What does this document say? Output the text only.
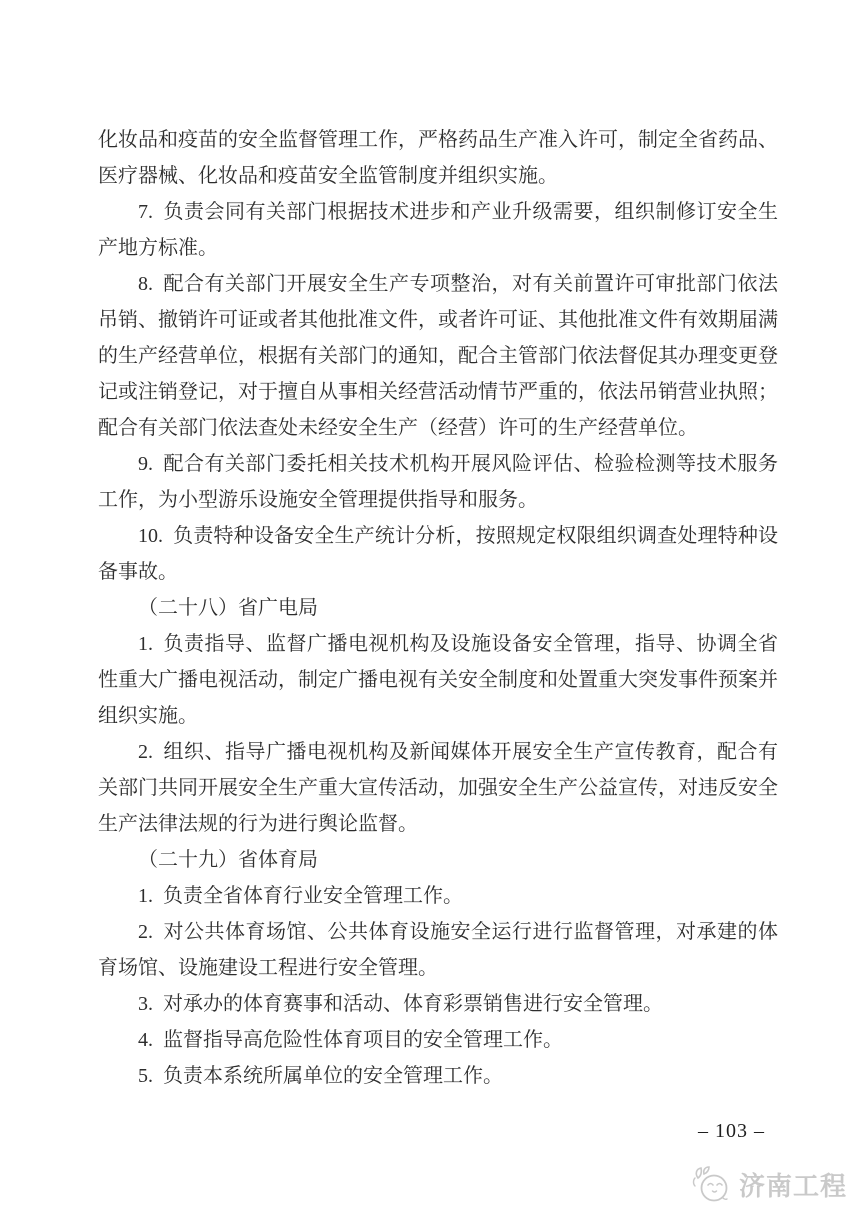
化妆品和疫苗的安全监督管理工作，严格药品生产准入许可，制定全省药品、医疗器械、化妆品和疫苗安全监管制度并组织实施。

7. 负责会同有关部门根据技术进步和产业升级需要，组织制修订安全生产地方标准。

8. 配合有关部门开展安全生产专项整治，对有关前置许可审批部门依法吊销、撤销许可证或者其他批准文件，或者许可证、其他批准文件有效期届满的生产经营单位，根据有关部门的通知，配合主管部门依法督促其办理变更登记或注销登记，对于擅自从事相关经营活动情节严重的，依法吊销营业执照；配合有关部门依法查处未经安全生产（经营）许可的生产经营单位。

9. 配合有关部门委托相关技术机构开展风险评估、检验检测等技术服务工作，为小型游乐设施安全管理提供指导和服务。

10. 负责特种设备安全生产统计分析，按照规定权限组织调查处理特种设备事故。

（二十八）省广电局

1. 负责指导、监督广播电视机构及设施设备安全管理，指导、协调全省性重大广播电视活动，制定广播电视有关安全制度和处置重大突发事件预案并组织实施。

2. 组织、指导广播电视机构及新闻媒体开展安全生产宣传教育，配合有关部门共同开展安全生产重大宣传活动，加强安全生产公益宣传，对违反安全生产法律法规的行为进行舆论监督。

（二十九）省体育局

1. 负责全省体育行业安全管理工作。

2. 对公共体育场馆、公共体育设施安全运行进行监督管理，对承建的体育场馆、设施建设工程进行安全管理。

3. 对承办的体育赛事和活动、体育彩票销售进行安全管理。

4. 监督指导高危险性体育项目的安全管理工作。

5. 负责本系统所属单位的安全管理工作。

– 103 –
济南工程
